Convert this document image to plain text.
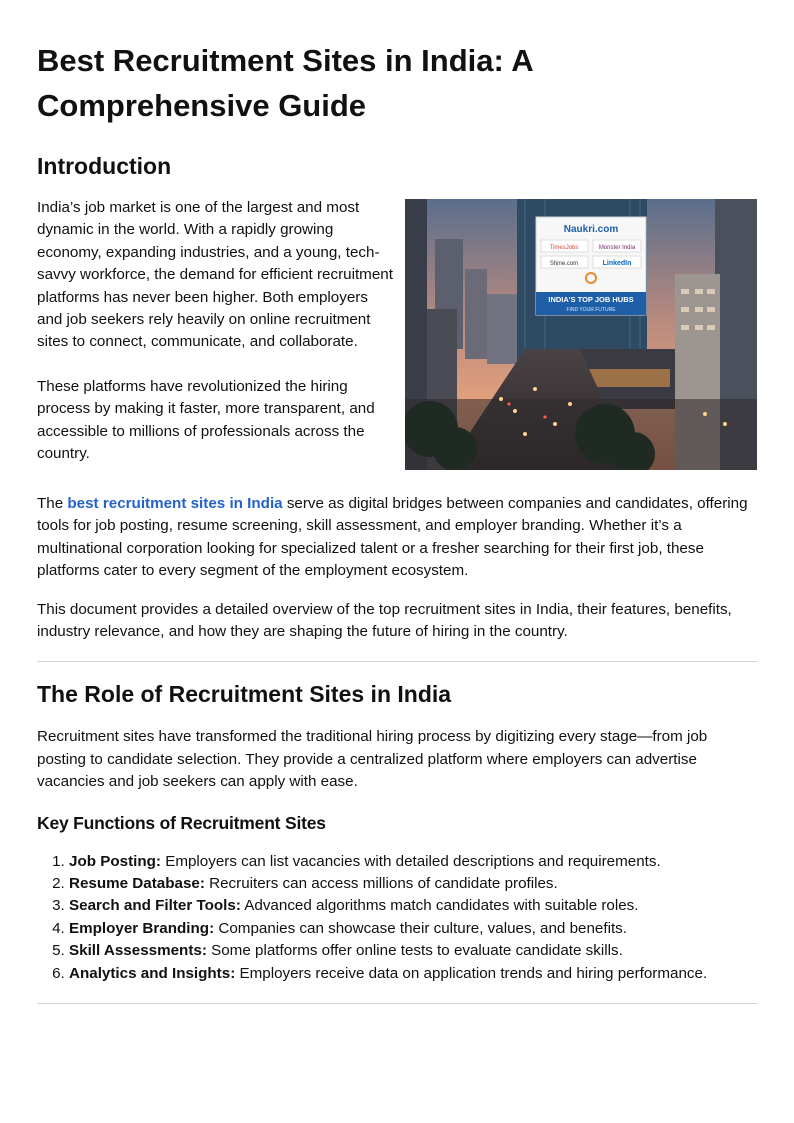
Best Recruitment Sites in India: A Comprehensive Guide
Introduction

India’s job market is one of the largest and most dynamic in the world. With a rapidly growing economy, expanding industries, and a young, tech-savvy workforce, the demand for efficient recruitment platforms has never been higher. Both employers and job seekers rely heavily on online recruitment sites to connect, communicate, and collaborate.

These platforms have revolutionized the hiring process by making it faster, more transparent, and accessible to millions of professionals across the country.

Naukri.com
TimesJobs	Monster India
Shine.com	LinkedIn
INDIA'S TOP JOB HUBS
FIND YOUR FUTURE

The best recruitment sites in India serve as digital bridges between companies and candidates, offering tools for job posting, resume screening, skill assessment, and employer branding. Whether it’s a multinational corporation looking for specialized talent or a fresher searching for their first job, these platforms cater to every segment of the employment ecosystem.

This document provides a detailed overview of the top recruitment sites in India, their features, benefits, industry relevance, and how they are shaping the future of hiring in the country.

The Role of Recruitment Sites in India

Recruitment sites have transformed the traditional hiring process by digitizing every stage—from job posting to candidate selection. They provide a centralized platform where employers can advertise vacancies and job seekers can apply with ease.

Key Functions of Recruitment Sites
1. Job Posting: Employers can list vacancies with detailed descriptions and requirements.
2. Resume Database: Recruiters can access millions of candidate profiles.
3. Search and Filter Tools: Advanced algorithms match candidates with suitable roles.
4. Employer Branding: Companies can showcase their culture, values, and benefits.
5. Skill Assessments: Some platforms offer online tests to evaluate candidate skills.
6. Analytics and Insights: Employers receive data on application trends and hiring performance.
